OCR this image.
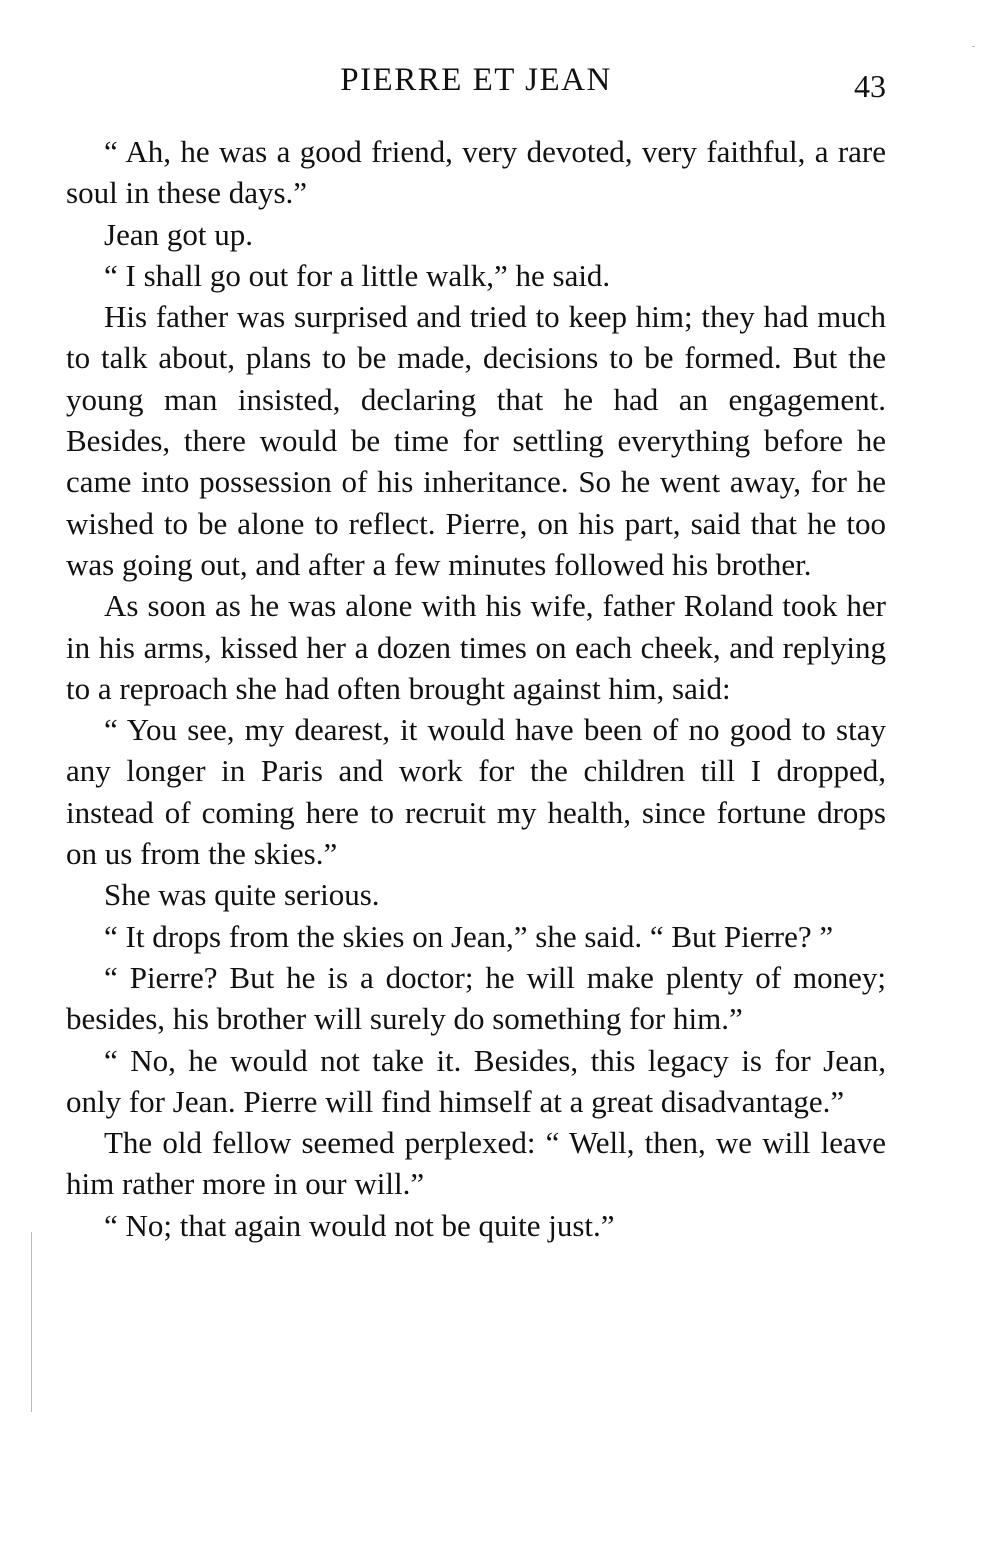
PIERRE ET JEAN	43

“ Ah, he was a good friend, very devoted, very faithful, a rare soul in these days.”

Jean got up.

“ I shall go out for a little walk,” he said.

His father was surprised and tried to keep him; they had much to talk about, plans to be made, decisions to be formed. But the young man insisted, declaring that he had an engagement. Besides, there would be time for settling everything before he came into possession of his inheritance. So he went away, for he wished to be alone to reflect. Pierre, on his part, said that he too was going out, and after a few minutes followed his brother.

As soon as he was alone with his wife, father Roland took her in his arms, kissed her a dozen times on each cheek, and replying to a reproach she had often brought against him, said:

“ You see, my dearest, it would have been of no good to stay any longer in Paris and work for the children till I dropped, instead of coming here to recruit my health, since fortune drops on us from the skies.”

She was quite serious.

“ It drops from the skies on Jean,” she said. “ But Pierre? ”

“ Pierre? But he is a doctor; he will make plenty of money; besides, his brother will surely do something for him.”

“ No, he would not take it. Besides, this legacy is for Jean, only for Jean. Pierre will find himself at a great disadvantage.”

The old fellow seemed perplexed: “ Well, then, we will leave him rather more in our will.”

“ No; that again would not be quite just.”
